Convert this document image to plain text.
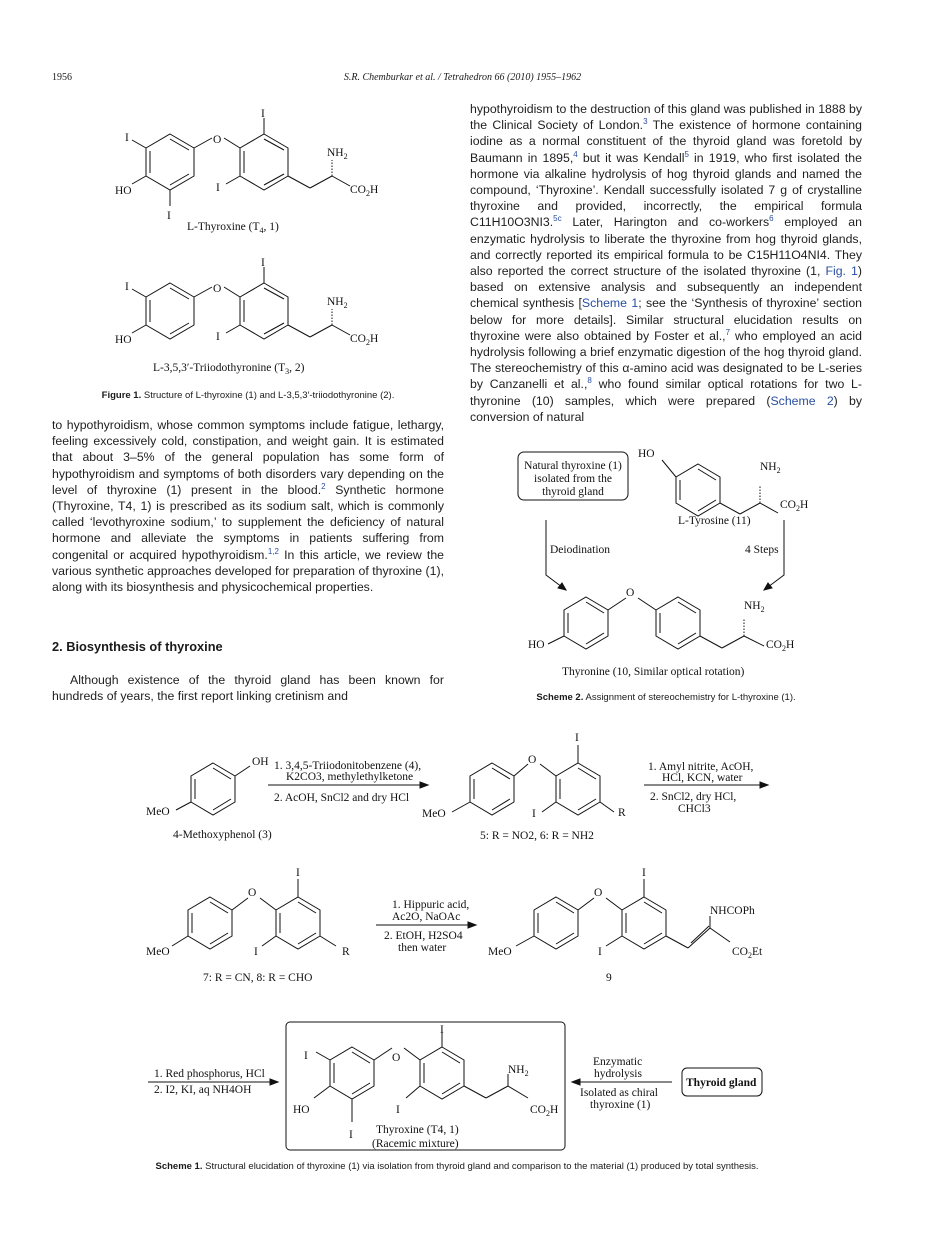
1956	S.R. Chemburkar et al. / Tetrahedron 66 (2010) 1955–1962
I
HO
I
O
I
I
$NH_2$
$CO_2H$
I
HO
O
I
I
$NH_2$
$CO_2H$
HO
$NH_2$
$CO_2H$
O
HO
$NH_2$
$CO_2H$
OH
MeO
O
I
MeO	I	R
O
I
MeO	I	R
O
I
MeO	I
NHCOPh
$CO_2Et$
I
HO
I
O
I
I
$NH_2$
$CO_2H$
L-Thyroxine ($T_4$, 1)
L-3,5,3′-Triiodothyronine ($T_3$, 2)
Natural thyroxine (1)
isolated from the
thyroid gland
L-Tyrosine (11)
Deiodination	4 Steps
Thyronine (10, Similar optical rotation)
4-Methoxyphenol (3)
1. 3,4,5-Triiodonitobenzene (4),
K2CO3, methylethylketone
2. AcOH, SnCl2 and dry HCl
5: R = NO2, 6: R = NH2
1. Amyl nitrite, AcOH,
HCl, KCN, water
2. SnCl2, dry HCl,
CHCl3
7: R = CN, 8: R = CHO
1. Hippuric acid,
Ac2O, NaOAc
2. EtOH, H2SO4
then water
9
1. Red phosphorus, HCl
2. I2, KI, aq NH4OH
Thyroxine (T4, 1)
(Racemic mixture)
Enzymatic
hydrolysis
Isolated as chiral
thyroxine (1)
Thyroid gland
Figure 1. Structure of L-thyroxine (1) and L-3,5,3′-triiodothyronine (2).
Scheme 2. Assignment of stereochemistry for L-thyroxine (1).
Scheme 1. Structural elucidation of thyroxine (1) via isolation from thyroid gland and comparison to the material (1) produced by total synthesis.

to hypothyroidism, whose common symptoms include fatigue, lethargy, feeling excessively cold, constipation, and weight gain. It is estimated that about 3–5% of the general population has some form of hypothyroidism and symptoms of both disorders vary depending on the level of thyroxine (1) present in the blood.$^2$ Synthetic hormone (Thyroxine, T4, 1) is prescribed as its sodium salt, which is commonly called ‘levothyroxine sodium,’ to supplement the deficiency of natural hormone and alleviate the symptoms in patients suffering from congenital or acquired hypothyroidism.$^{1,2}$ In this article, we review the various synthetic approaches developed for preparation of thyroxine (1), along with its biosynthesis and physicochemical properties.

2. Biosynthesis of thyroxine

Although existence of the thyroid gland has been known for hundreds of years, the first report linking cretinism and

hypothyroidism to the destruction of this gland was published in 1888 by the Clinical Society of London.$^3$ The existence of hormone containing iodine as a normal constituent of the thyroid gland was foretold by Baumann in 1895,$^4$ but it was Kendall$^5$ in 1919, who first isolated the hormone via alkaline hydrolysis of hog thyroid glands and named the compound, ‘Thyroxine’. Kendall successfully isolated 7 g of crystalline thyroxine and provided, incorrectly, the empirical formula C11H10O3NI3.$^{5c}$ Later, Harington and co-workers$^6$ employed an enzymatic hydrolysis to liberate the thyroxine from hog thyroid glands, and correctly reported its empirical formula to be C15H11O4NI4. They also reported the correct structure of the isolated thyroxine (1, Fig. 1) based on extensive analysis and subsequently an independent chemical synthesis [Scheme 1; see the ‘Synthesis of thyroxine’ section below for more details]. Similar structural elucidation results on thyroxine were also obtained by Foster et al.,$^7$ who employed an acid hydrolysis following a brief enzymatic digestion of the hog thyroid gland. The stereochemistry of this α-amino acid was designated to be L-series by Canzanelli et al.,$^8$ who found similar optical rotations for two L-thyronine (10) samples, which were prepared (Scheme 2) by conversion of natural
